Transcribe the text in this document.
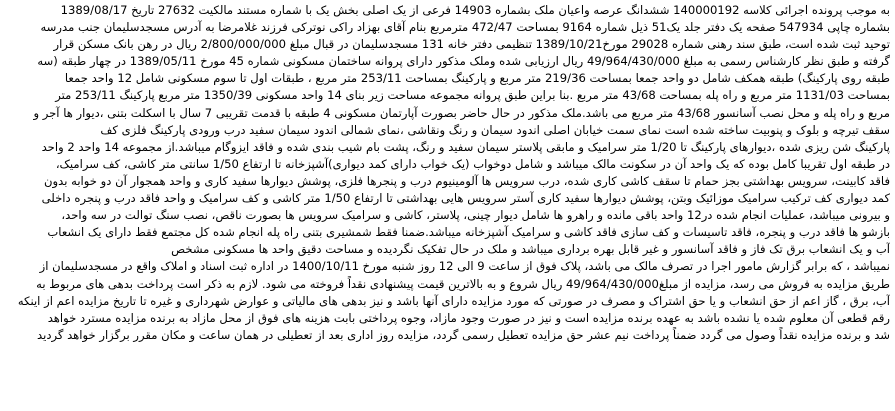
به موجب پرونده اجرائی کلاسه 140000192 ششدانگ عرصه واعیان ملک بشماره 14903 فرعی از یک اصلی بخش یک با شماره مستند مالکیت 27632 تاریخ 1389/08/17
بشماره چاپی 547934 صفحه یک دفتر جلد یک51 ذیل شماره 9164 بمساحت 472/47 مترمربع بنام آقای بهزاد راکی نوترکی فرزند غلامرضا به آدرس مسجدسلیمان جنب مدرسه
توحید ثبت شده است، طبق سند رهنی شماره 29028 مورخ1389/10/21 تنظیمی دفتر خانه 131 مسجدسلیمان در قبال مبلغ 2/800/000/000 ریال در رهن بانک مسکن قرار
گرفته و طبق نظر کارشناس رسمی به مبلغ 49/964/430/000 ریال ارزیابی شده وملک مذکور دارای پروانه ساختمان مسکونی شماره 45 مورخ 1389/05/11 در چهار طبقه (سه
طبقه روی پارکینگ) طبقه همکف شامل دو واحد جمعا بمساحت 219/36 متر مربع و پارکینگ بمساحت 253/11 متر مربع ، طبقات اول تا سوم مسکونی شامل 12 واحد جمعا
بمساحت 1131/03 متر مربع و راه پله بمساحت 43/68 متر مربع .بنا براین طبق پروانه مجموعه مساحت زیر بنای 14 واحد مسکونی 1350/39 متر مربع پارکینگ 253/11 متر
مربع و راه پله و محل نصب آسانسور 43/68 متر مربع می باشد.ملک مذکور در حال حاضر بصورت آپارتمان مسکونی 4 طبقه با قدمت تقریبی 7 سال با اسکلت بتنی ،دیوار ها آجر و
سقف تیرچه و بلوک و پنوبیت ساخته شده است نمای سمت خیابان اصلی اندود سیمان و رنگ ونقاشی ،نمای شمالی اندود سیمان سفید درب ورودی پارکینگ فلزی کف
پارکینگ شن ریزی شده ،دیوارهای پارکینگ تا 1/20 متر سرامیک و مابقی پلاستر سیمان سفید و رنگ، پشت بام شیب بندی شده و فاقد ایزوگام میباشد.از مجموعه 14 واحد 2 واحد
در طبقه اول تقریبا کامل بوده که یک واحد آن در سکونت مالک میباشد و شامل دوخواب (یک خواب دارای کمد دیواری)آشپزخانه تا ارتفاع 1/50 سانتی متر کاشی، کف سرامیک،
فاقد کابینت، سرویس بهداشتی بجز حمام تا سقف کاشی کاری شده، درب سرویس ها آلومینیوم درب و پنجرها فلزی، پوشش دیوارها سفید کاری و واحد همجوار آن دو خوابه بدون
کمد دیواری کف ترکیب سرامیک موزائیک وبتن، پوشش دیوارها سفید کاری آستر سرویس هایی بهداشتی تا ارتفاع 1/50 متر کاشی و کف سرامیک و واحد فاقد درب و پنجره داخلی
و بیرونی میباشد، عملیات انجام شده در12 واحد باقی مانده و راهرو ها شامل دیوار چینی، پلاستر، کاشی و سرامیک سرویس ها بصورت ناقص، نصب سنگ توالت در سه واحد،
بازشو ها فاقد درب و پنجره، فاقد تاسیسات و کف سازی فاقد کاشی و سرامیک آشپزخانه میباشد.ضمنا فقط شمشیری بتنی راه پله انجام شده کل مجتمع فقط دارای یک انشعاب
آب و یک انشعاب برق تک فاز و فاقد آسانسور و غیر قابل بهره برداری میباشد و ملک در حال تفکیک نگردیده و مساحت دقیق واحد ها مسکونی مشخص
نمیباشد ، که برابر گزارش مامور اجرا در تصرف مالک می باشد، پلاک فوق از ساعت 9 الی 12 روز شنبه مورخ 1400/10/11 در اداره ثبت اسناد و املاک واقع در مسجدسلیمان از
طریق مزایده به فروش می رسد، مزایده از مبلغ49/964/430/000 ریال شروع و به بالاترین قیمت پیشنهادی نقداً فروخته می شود. لازم به ذکر است پرداخت بدهی های مربوط به
آب، برق ، گاز اعم از حق انشعاب و یا حق اشتراک و مصرف در صورتی که مورد مزایده دارای آنها باشد و نیز بدهی های مالیاتی و عوارض شهرداری و غیره تا تاریخ مزایده اعم از اینکه
رقم قطعی آن معلوم شده یا نشده باشد به عهده برنده مزایده است و نیز در صورت وجود مازاد، وجوه پرداختی بابت هزینه های فوق از محل مازاد به برنده مزایده مسترد خواهد
شد و برنده مزایده نقداً وصول می گردد ضمناً پرداخت نیم عشر حق مزایده تعطیل رسمی گردد، مزایده روز اداری بعد از تعطیلی در همان ساعت و مکان مقرر برگزار خواهد گردید
